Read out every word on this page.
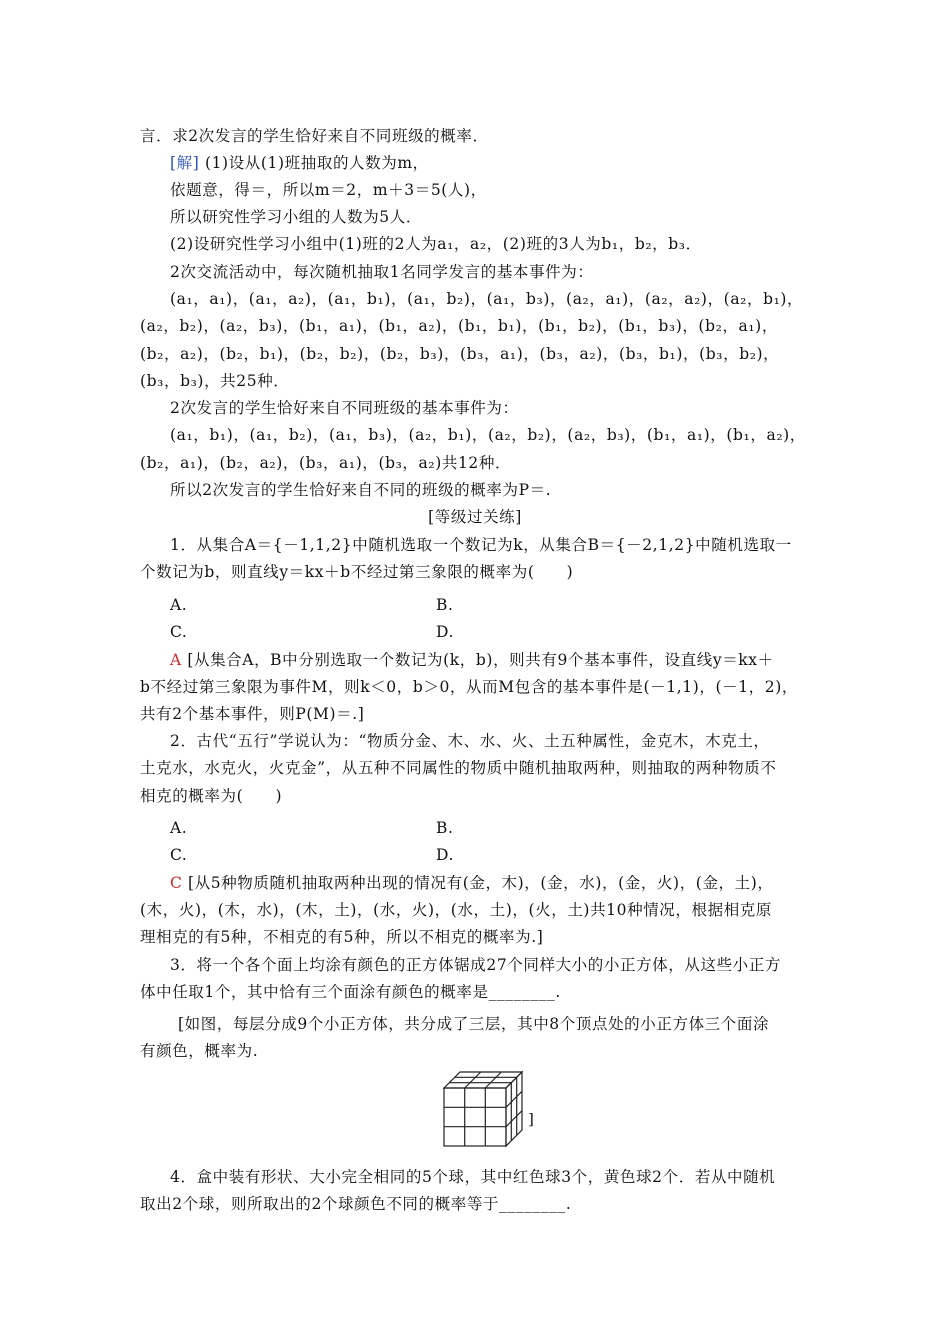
言．求2次发言的学生恰好来自不同班级的概率．
[解] (1)设从(1)班抽取的人数为m，
依题意，得＝，所以m＝2，m＋3＝5(人)，
所以研究性学习小组的人数为5人．
(2)设研究性学习小组中(1)班的2人为a₁，a₂，(2)班的3人为b₁，b₂，b₃．
2次交流活动中，每次随机抽取1名同学发言的基本事件为：
(a₁，a₁)，(a₁，a₂)，(a₁，b₁)，(a₁，b₂)，(a₁，b₃)，(a₂，a₁)，(a₂，a₂)，(a₂，b₁)，
(a₂，b₂)，(a₂，b₃)，(b₁，a₁)，(b₁，a₂)，(b₁，b₁)，(b₁，b₂)，(b₁，b₃)，(b₂，a₁)，
(b₂，a₂)，(b₂，b₁)，(b₂，b₂)，(b₂，b₃)，(b₃，a₁)，(b₃，a₂)，(b₃，b₁)，(b₃，b₂)，
(b₃，b₃)，共25种．
2次发言的学生恰好来自不同班级的基本事件为：
(a₁，b₁)，(a₁，b₂)，(a₁，b₃)，(a₂，b₁)，(a₂，b₂)，(a₂，b₃)，(b₁，a₁)，(b₁，a₂)，
(b₂，a₁)，(b₂，a₂)，(b₃，a₁)，(b₃，a₂)共12种．
所以2次发言的学生恰好来自不同的班级的概率为P＝.
[等级过关练]
1．从集合A＝{－1,1,2}中随机选取一个数记为k，从集合B＝{－2,1,2}中随机选取一
个数记为b，则直线y＝kx＋b不经过第三象限的概率为(　　)
A.	B.
C.	D.
A [从集合A，B中分别选取一个数记为(k，b)，则共有9个基本事件，设直线y＝kx＋
b不经过第三象限为事件M，则k＜0，b＞0，从而M包含的基本事件是(－1,1)，(－1，2)，
共有2个基本事件，则P(M)＝.]
2．古代“五行”学说认为：“物质分金、木、水、火、土五种属性，金克木，木克土，
土克水，水克火，火克金”，从五种不同属性的物质中随机抽取两种，则抽取的两种物质不
相克的概率为(　　)
A.	B.
C.	D.
C [从5种物质随机抽取两种出现的情况有(金，木)，(金，水)，(金，火)，(金，土)，
(木，火)，(木，水)，(木，土)，(水，火)，(水，土)，(火，土)共10种情况，根据相克原
理相克的有5种，不相克的有5种，所以不相克的概率为.]
3．将一个各个面上均涂有颜色的正方体锯成27个同样大小的小正方体，从这些小正方
体中任取1个，其中恰有三个面涂有颜色的概率是________.
[如图，每层分成9个小正方体，共分成了三层，其中8个顶点处的小正方体三个面涂
有颜色，概率为.
]
4．盒中装有形状、大小完全相同的5个球，其中红色球3个，黄色球2个．若从中随机
取出2个球，则所取出的2个球颜色不同的概率等于________.
